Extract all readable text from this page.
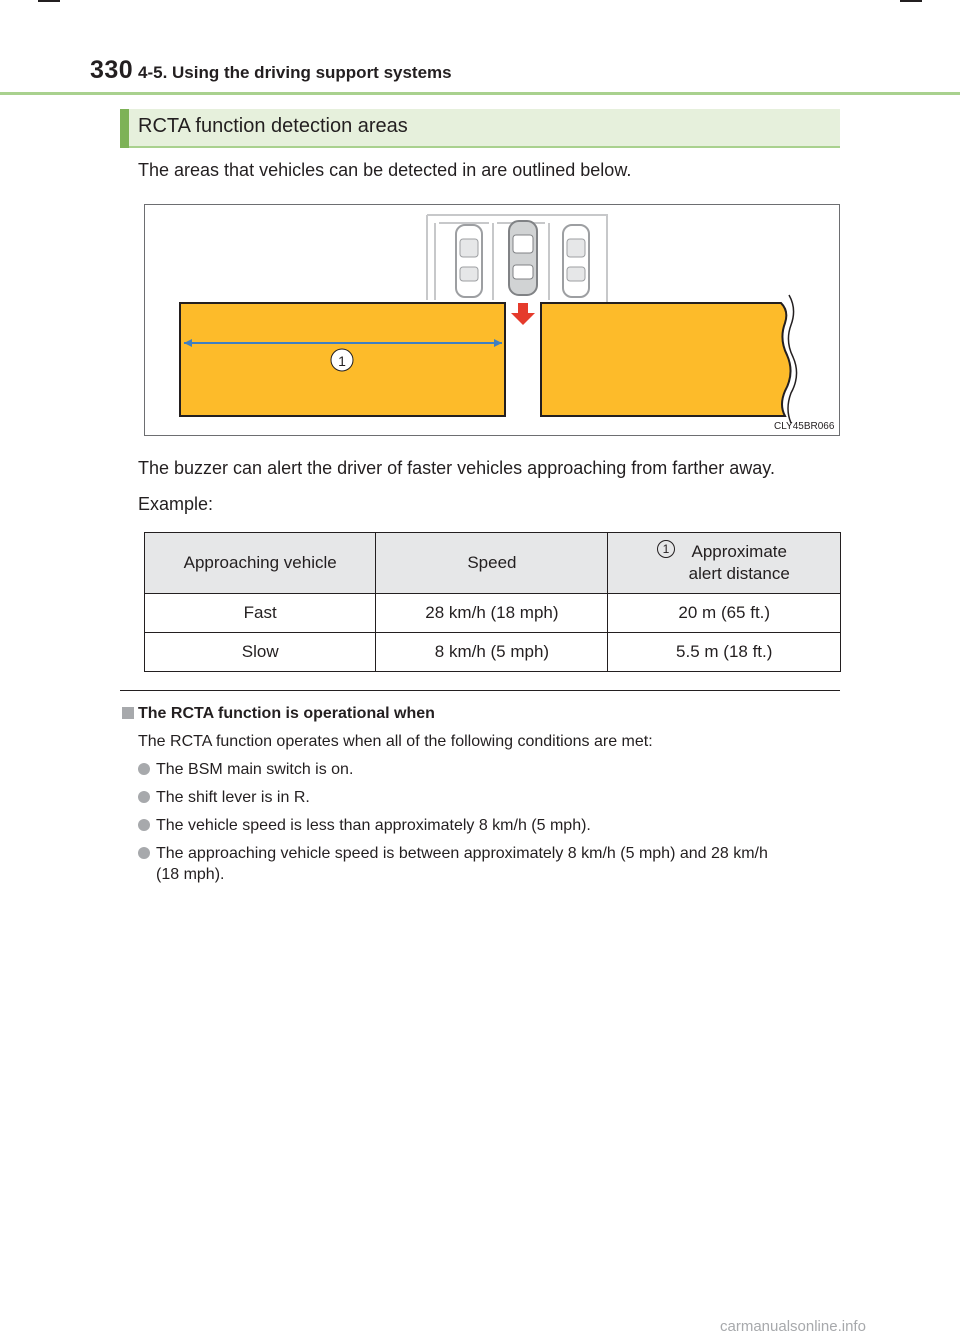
330 4-5. Using the driving support systems
RCTA function detection areas
The areas that vehicles can be detected in are outlined below.
1
CLY45BR066
The buzzer can alert the driver of faster vehicles approaching from farther away.
Example:
Approaching vehicle	Speed	Approximate
alert distance

Fast	28 km/h (18 mph)	20 m (65 ft.)
Slow	8 km/h (5 mph)	5.5 m (18 ft.)
1
The RCTA function is operational when
The RCTA function operates when all of the following conditions are met:
The BSM main switch is on.
The shift lever is in R.
The vehicle speed is less than approximately 8 km/h (5 mph).
The approaching vehicle speed is between approximately 8 km/h (5 mph) and 28 km/h
(18 mph).
carmanualsonline.info
